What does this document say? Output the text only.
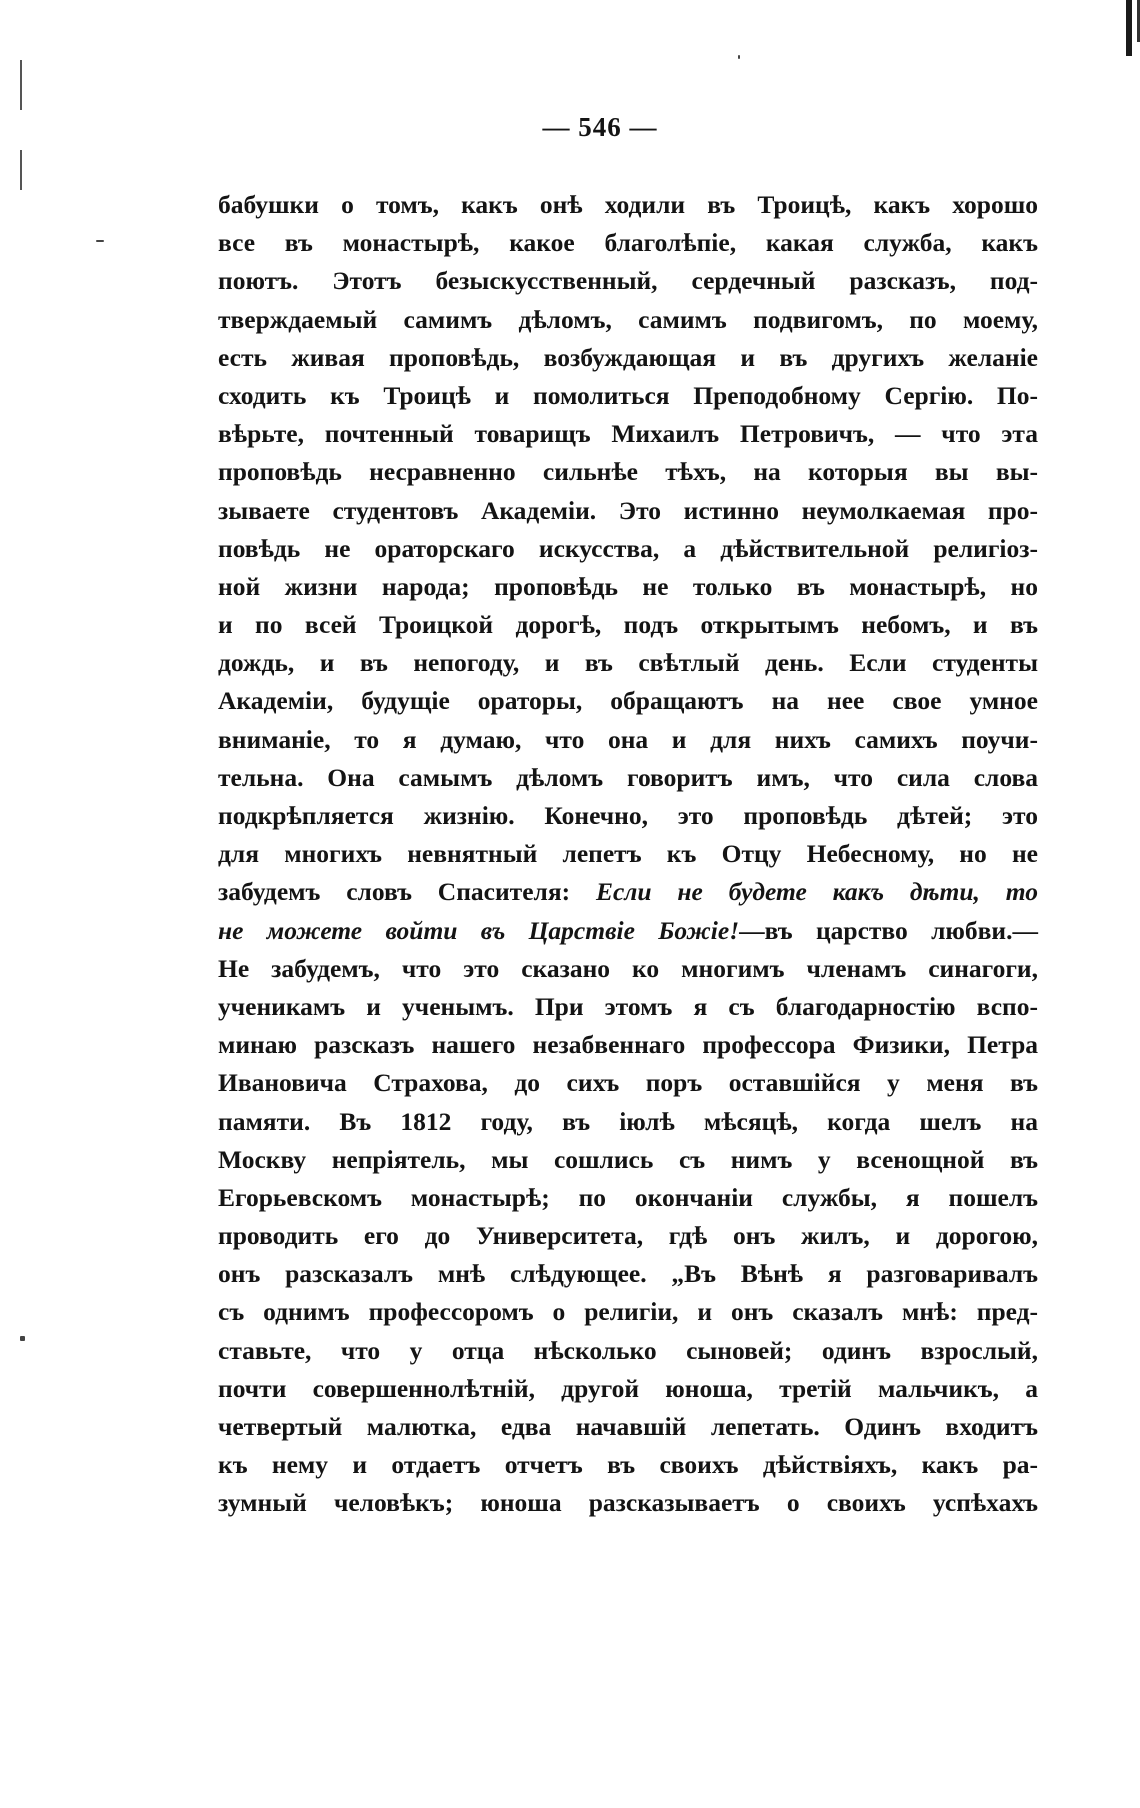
— 546 —
бабушки о томъ, какъ онѣ ходили въ Троицѣ, какъ хорошо
все въ монастырѣ, какое благолѣпіе, какая служба, какъ
поютъ. Этотъ безыскусственный, сердечный разсказъ, под-
тверждаемый самимъ дѣломъ, самимъ подвигомъ, по моему,
есть живая проповѣдь, возбуждающая и въ другихъ желаніе
сходить къ Троицѣ и помолиться Преподобному Сергію. По-
вѣрьте, почтенный товарищъ Михаилъ Петровичъ, — что эта
проповѣдь несравненно сильнѣе тѣхъ, на которыя вы вы-
зываете студентовъ Академіи. Это истинно неумолкаемая про-
повѣдь не ораторскаго искусства, а дѣйствительной религіоз-
ной жизни народа; проповѣдь не только въ монастырѣ, но
и по всей Троицкой дорогѣ, подъ открытымъ небомъ, и въ
дождь, и въ непогоду, и въ свѣтлый день. Если студенты
Академіи, будущіе ораторы, обращаютъ на нее свое умное
вниманіе, то я думаю, что она и для нихъ самихъ поучи-
тельна. Она самымъ дѣломъ говоритъ имъ, что сила слова
подкрѣпляется жизнію. Конечно, это проповѣдь дѣтей; это
для многихъ невнятный лепетъ къ Отцу Небесному, но не
забудемъ словъ Спасителя: Если не будете какъ дѣти, то
не можете войти въ Царствіе Божіе!—въ царство любви.—
Не забудемъ, что это сказано ко многимъ членамъ синагоги,
ученикамъ и ученымъ. При этомъ я съ благодарностію вспо-
минаю разсказъ нашего незабвеннаго профессора Физики, Петра
Ивановича Страхова, до сихъ поръ оставшійся у меня въ
памяти. Въ 1812 году, въ іюлѣ мѣсяцѣ, когда шелъ на
Москву непріятель, мы сошлись съ нимъ у всенощной въ
Егорьевскомъ монастырѣ; по окончаніи службы, я пошелъ
проводить его до Университета, гдѣ онъ жилъ, и дорогою,
онъ разсказалъ мнѣ слѣдующее. „Въ Вѣнѣ я разговаривалъ
съ однимъ профессоромъ о религіи, и онъ сказалъ мнѣ: пред-
ставьте, что у отца нѣсколько сыновей; одинъ взрослый,
почти совершеннолѣтній, другой юноша, третій мальчикъ, а
четвертый малютка, едва начавшій лепетать. Одинъ входитъ
къ нему и отдаетъ отчетъ въ своихъ дѣйствіяхъ, какъ ра-
зумный человѣкъ; юноша разсказываетъ о своихъ успѣхахъ
